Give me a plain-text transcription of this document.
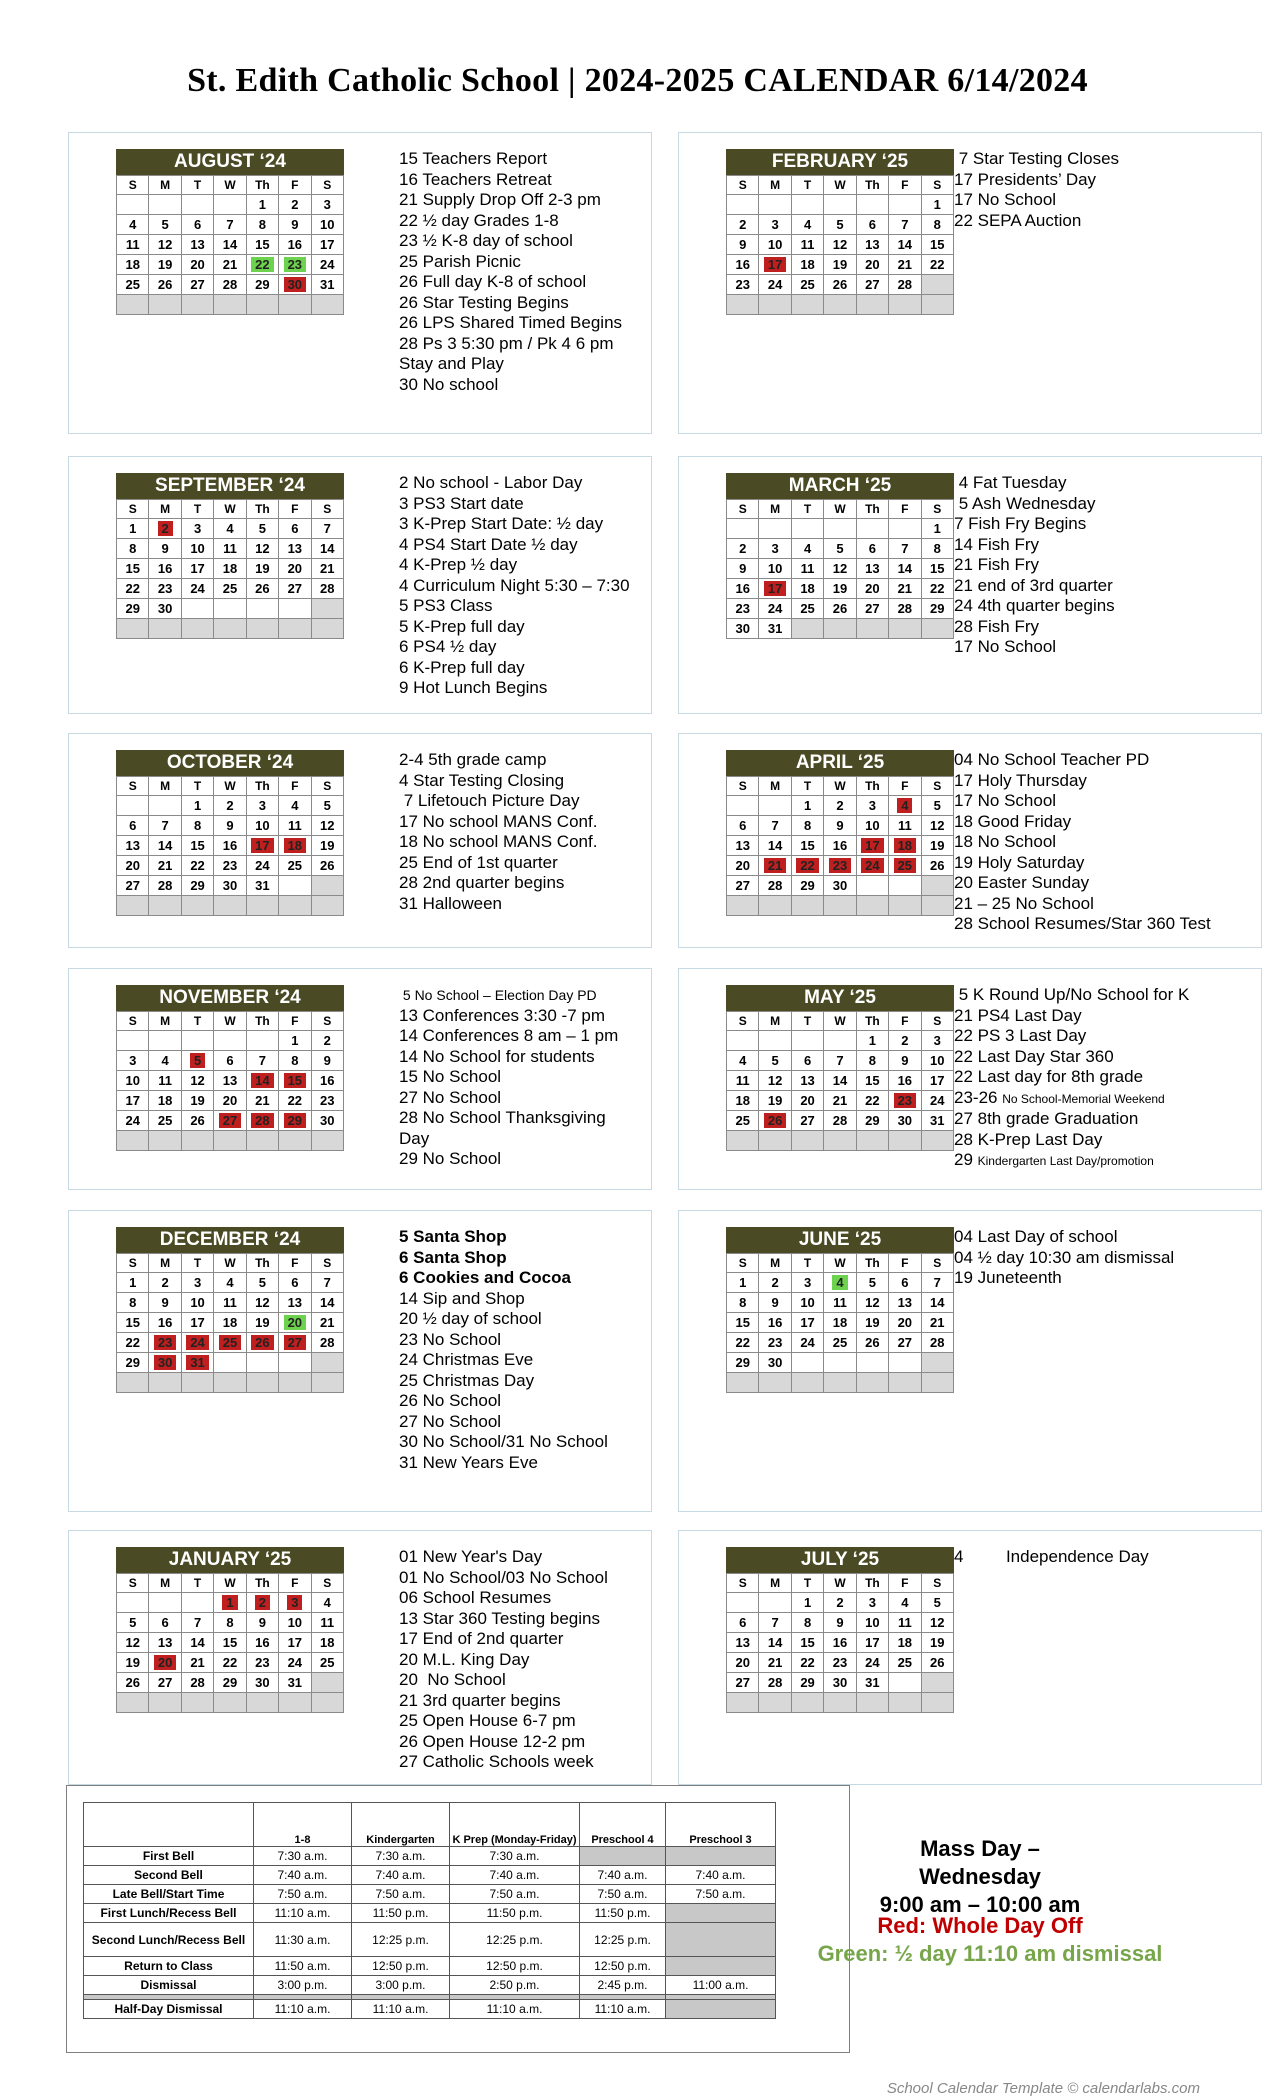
St. Edith Catholic School | 2024-2025 CALENDAR 6/14/2024
AUGUST ‘24
S	M	T	W	Th	F	S
				1	2	3
4	5	6	7	8	9	10
11	12	13	14	15	16	17
18	19	20	21	22	23	24
25	26	27	28	29	30	31

15 Teachers Report
16 Teachers Retreat
21 Supply Drop Off 2-3 pm
22 ½ day Grades 1-8
23 ½ K-8 day of school
25 Parish Picnic
26 Full day K-8 of school
26 Star Testing Begins
26 LPS Shared Timed Begins
28 Ps 3 5:30 pm / Pk 4 6 pm
Stay and Play
30 No school
FEBRUARY ‘25
S	M	T	W	Th	F	S
						1
2	3	4	5	6	7	8
9	10	11	12	13	14	15
16	17	18	19	20	21	22
23	24	25	26	27	28	

7 Star Testing Closes
17 Presidents’ Day
17 No School
22 SEPA Auction
SEPTEMBER ‘24
S	M	T	W	Th	F	S
1	2	3	4	5	6	7
8	9	10	11	12	13	14
15	16	17	18	19	20	21
22	23	24	25	26	27	28
29	30					

2 No school - Labor Day
3 PS3 Start date
3 K-Prep Start Date: ½ day
4 PS4 Start Date ½ day
4 K-Prep ½ day
4 Curriculum Night 5:30 – 7:30
5 PS3 Class
5 K-Prep full day
6 PS4 ½ day
6 K-Prep full day
9 Hot Lunch Begins
MARCH ‘25
S	M	T	W	Th	F	S
						1
2	3	4	5	6	7	8
9	10	11	12	13	14	15
16	17	18	19	20	21	22
23	24	25	26	27	28	29
30	31					
4 Fat Tuesday
5 Ash Wednesday
7 Fish Fry Begins
14 Fish Fry
21 Fish Fry
21 end of 3rd quarter
24 4th quarter begins
28 Fish Fry
17 No School
OCTOBER ‘24
S	M	T	W	Th	F	S
		1	2	3	4	5
6	7	8	9	10	11	12
13	14	15	16	17	18	19
20	21	22	23	24	25	26
27	28	29	30	31		

2-4 5th grade camp
4 Star Testing Closing
7 Lifetouch Picture Day
17 No school MANS Conf.
18 No school MANS Conf.
25 End of 1st quarter
28 2nd quarter begins
31 Halloween
APRIL ‘25
S	M	T	W	Th	F	S
		1	2	3	4	5
6	7	8	9	10	11	12
13	14	15	16	17	18	19
20	21	22	23	24	25	26
27	28	29	30			

04 No School Teacher PD
17 Holy Thursday
17 No School
18 Good Friday
18 No School
19 Holy Saturday
20 Easter Sunday
21 – 25 No School
28 School Resumes/Star 360 Test
NOVEMBER ‘24
S	M	T	W	Th	F	S
					1	2
3	4	5	6	7	8	9
10	11	12	13	14	15	16
17	18	19	20	21	22	23
24	25	26	27	28	29	30

5 No School – Election Day PD
13 Conferences 3:30 -7 pm
14 Conferences 8 am – 1 pm
14 No School for students
15 No School
27 No School
28 No School Thanksgiving
Day
29 No School
MAY ‘25
S	M	T	W	Th	F	S
				1	2	3
4	5	6	7	8	9	10
11	12	13	14	15	16	17
18	19	20	21	22	23	24
25	26	27	28	29	30	31

5 K Round Up/No School for K
21 PS4 Last Day
22 PS 3 Last Day
22 Last Day Star 360
22 Last day for 8th grade
23-26 No School-Memorial Weekend
27 8th grade Graduation
28 K-Prep Last Day
29 Kindergarten Last Day/promotion
DECEMBER ‘24
S	M	T	W	Th	F	S
1	2	3	4	5	6	7
8	9	10	11	12	13	14
15	16	17	18	19	20	21
22	23	24	25	26	27	28
29	30	31				

5 Santa Shop
6 Santa Shop
6 Cookies and Cocoa
14 Sip and Shop
20 ½ day of school
23 No School
24 Christmas Eve
25 Christmas Day
26 No School
27 No School
30 No School/31 No School
31 New Years Eve
JUNE ‘25
S	M	T	W	Th	F	S
1	2	3	4	5	6	7
8	9	10	11	12	13	14
15	16	17	18	19	20	21
22	23	24	25	26	27	28
29	30					

04 Last Day of school
04 ½ day 10:30 am dismissal
19 Juneteenth
JANUARY ‘25
S	M	T	W	Th	F	S
			1	2	3	4
5	6	7	8	9	10	11
12	13	14	15	16	17	18
19	20	21	22	23	24	25
26	27	28	29	30	31	

01 New Year's Day
01 No School/03 No School
06 School Resumes
13 Star 360 Testing begins
17 End of 2nd quarter
20 M.L. King Day
20  No School
21 3rd quarter begins
25 Open House 6-7 pm
26 Open House 12-2 pm
27 Catholic Schools week
JULY ‘25
S	M	T	W	Th	F	S
		1	2	3	4	5
6	7	8	9	10	11	12
13	14	15	16	17	18	19
20	21	22	23	24	25	26
27	28	29	30	31		

4         Independence Day
	1-8	Kindergarten	K Prep (Monday-Friday)	Preschool 4	Preschool 3
First Bell	7:30 a.m.	7:30 a.m.	7:30 a.m.		
Second Bell	7:40 a.m.	7:40 a.m.	7:40 a.m.	7:40 a.m.	7:40 a.m.
Late Bell/Start Time	7:50 a.m.	7:50 a.m.	7:50 a.m.	7:50 a.m.	7:50 a.m.
First Lunch/Recess Bell	11:10 a.m.	11:50 p.m.	11:50 p.m.	11:50 p.m.	
Second Lunch/Recess Bell	11:30 a.m.	12:25 p.m.	12:25 p.m.	12:25 p.m.	
Return to Class	11:50 a.m.	12:50 p.m.	12:50 p.m.	12:50 p.m.	
Dismissal	3:00 p.m.	3:00 p.m.	2:50 p.m.	2:45 p.m.	11:00 a.m.

Half-Day Dismissal	11:10 a.m.	11:10 a.m.	11:10 a.m.	11:10 a.m.	
Mass Day – Wednesday
9:00 am – 10:00 am
Red: Whole Day Off
Green: ½ day 11:10 am dismissal
School Calendar Template © calendarlabs.com
